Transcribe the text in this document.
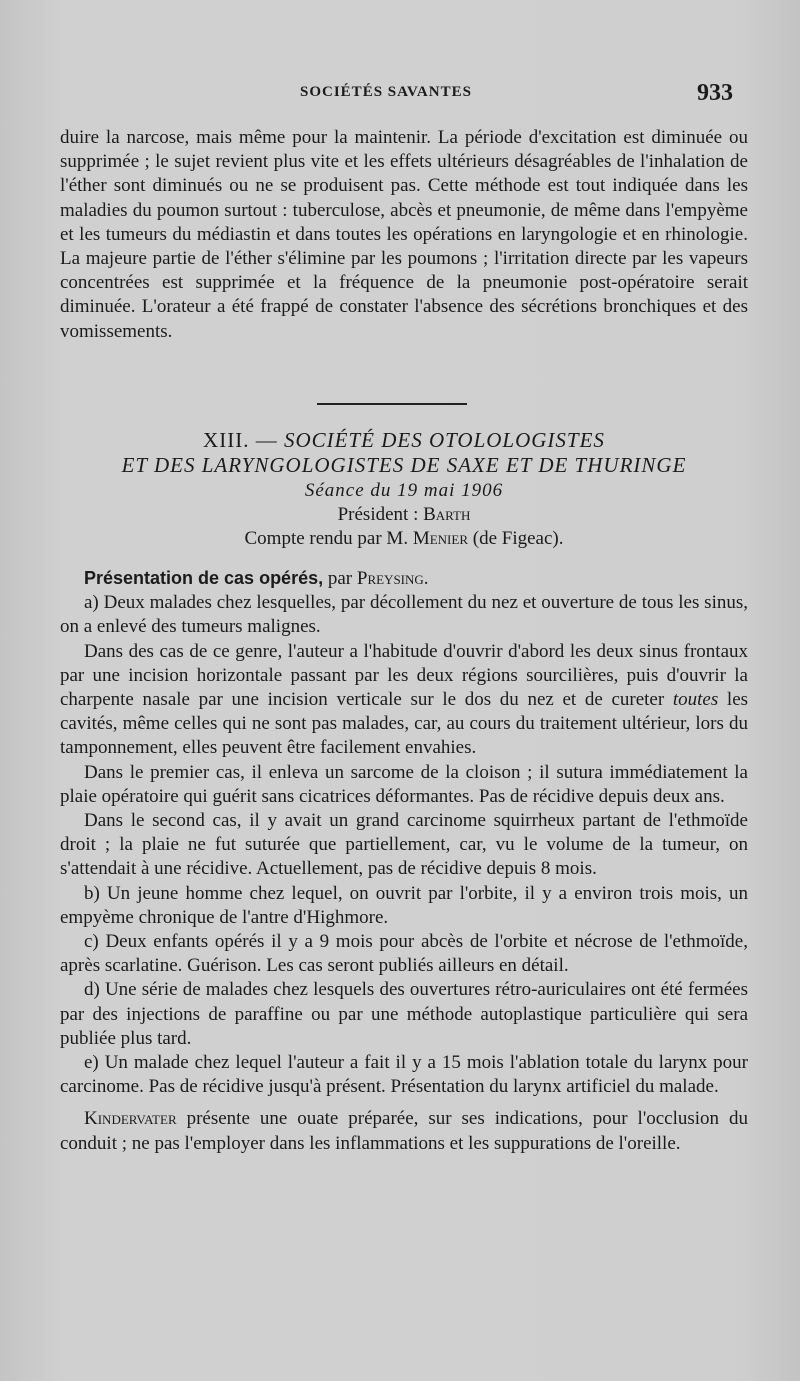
SOCIÉTÉS SAVANTES	933

duire la narcose, mais même pour la maintenir. La période d'excitation est diminuée ou supprimée ; le sujet revient plus vite et les effets ultérieurs désagréables de l'inhalation de l'éther sont diminués ou ne se produisent pas. Cette méthode est tout indiquée dans les maladies du poumon surtout : tuberculose, abcès et pneumonie, de même dans l'empyème et les tumeurs du médiastin et dans toutes les opérations en laryngologie et en rhinologie. La majeure partie de l'éther s'élimine par les poumons ; l'irritation directe par les vapeurs concentrées est supprimée et la fréquence de la pneumonie post-opératoire serait diminuée. L'orateur a été frappé de constater l'absence des sécrétions bronchiques et des vomissements.

XIII. — SOCIÉTÉ DES OTOLOLOGISTES
ET DES LARYNGOLOGISTES DE SAXE ET DE THURINGE
Séance du 19 mai 1906
Président : Barth
Compte rendu par M. Menier (de Figeac).

Présentation de cas opérés, par Preysing.

a) Deux malades chez lesquelles, par décollement du nez et ouverture de tous les sinus, on a enlevé des tumeurs malignes.

Dans des cas de ce genre, l'auteur a l'habitude d'ouvrir d'abord les deux sinus frontaux par une incision horizontale passant par les deux régions sourcilières, puis d'ouvrir la charpente nasale par une incision verticale sur le dos du nez et de cureter toutes les cavités, même celles qui ne sont pas malades, car, au cours du traitement ultérieur, lors du tamponnement, elles peuvent être facilement envahies.

Dans le premier cas, il enleva un sarcome de la cloison ; il sutura immédiatement la plaie opératoire qui guérit sans cicatrices déformantes. Pas de récidive depuis deux ans.

Dans le second cas, il y avait un grand carcinome squirrheux partant de l'ethmoïde droit ; la plaie ne fut suturée que partiellement, car, vu le volume de la tumeur, on s'attendait à une récidive. Actuellement, pas de récidive depuis 8 mois.

b) Un jeune homme chez lequel, on ouvrit par l'orbite, il y a environ trois mois, un empyème chronique de l'antre d'Highmore.

c) Deux enfants opérés il y a 9 mois pour abcès de l'orbite et nécrose de l'ethmoïde, après scarlatine. Guérison. Les cas seront publiés ailleurs en détail.

d) Une série de malades chez lesquels des ouvertures rétro-auriculaires ont été fermées par des injections de paraffine ou par une méthode autoplastique particulière qui sera publiée plus tard.

e) Un malade chez lequel l'auteur a fait il y a 15 mois l'ablation totale du larynx pour carcinome. Pas de récidive jusqu'à présent. Présentation du larynx artificiel du malade.

Kindervater présente une ouate préparée, sur ses indications, pour l'occlusion du conduit ; ne pas l'employer dans les inflammations et les suppurations de l'oreille.
